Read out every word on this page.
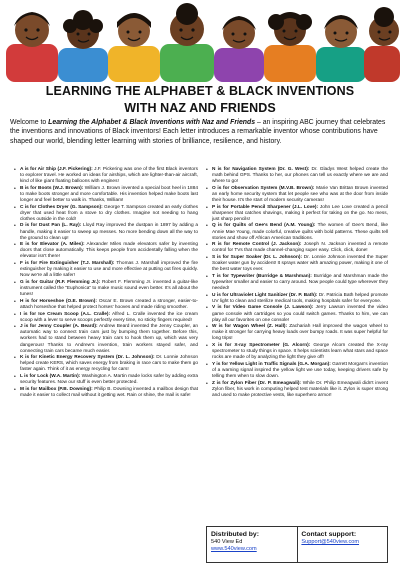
LEARNING THE ALPHABET & BLACK INVENTIONS
WITH NAZ AND FRIENDS

Welcome to Learning the Alphabet & Black Inventions with Naz and Friends – an inspiring ABC journey that celebrates the inventions and innovations of Black inventors! Each letter introduces a remarkable inventor whose contributions have shaped our world, blending letter learning with stories of brilliance, resilience, and history.

• A is for Air Ship (J.F. Pickering): J.F. Pickering was one of the first Black inventors to explorer travel. He worked on ideas for airships, which are lighter-than-air aircraft, kind of like giant floating balloons with engines!
• B is for Boots (W.J. Brown): William J. Brown invented a special boot heel in 1884 to make boots stronger and more comfortable. His invention helped make boots last longer and feel better to walk in. Thanks, William!
• C is for Clothes Dryer (G. Sampson): George T. Sampson created an early clothes dryer that used heat from a stove to dry clothes. Imagine not needing to hang clothes outside in the cold!
• D is for Dust Pan (L. Ray): Lloyd Ray improved the dustpan in 1897 by adding a handle, making it easier to sweep up messes. No more bending down all the way to the ground to clean up!
• E is for Elevator (A. Miles): Alexander Miles made elevators safer by inventing doors that close automatically. This keeps people from accidentally falling when the elevator isn't there!
• F is for Fire Extinguisher (T.J. Marshall): Thomas J. Marshall improved the fire extinguisher by making it easier to use and more effective at putting out fires quickly. Now we're all a little safer!
• G is for Guitar (R.F. Flemming Jr.): Robert F. Flemming Jr. invented a guitar-like instrument called the "Euphonica" to make music sound even better. It's all about the tunes!
• H is for Horseshoe (O.E. Brown): Oscar E. Brown created a stronger, easier-to-attach horseshoe that helped protect horses' hooves and made riding smoother.
• I is for Ice Cream Scoop (A.L. Cralle): Alfred L. Cralle invented the ice cream scoop with a lever to serve scoops perfectly every time, no sticky fingers required!
• J is for Jenny Coupler (A. Beard): Andrew Beard invented the Jenny Coupler, an automatic way to connect train cars just by bumping them together. Before this, workers had to stand between heavy train cars to hook them up, which was very dangerous! Thanks to Andrew's invention, train workers stayed safer, and connecting train cars became much easier.
• K is for Kinetic Energy Recovery System (Dr. L. Johnson): Dr. Lonnie Johnson helped create KERS, which saves energy from braking in race cars to make them go faster again. Think of it as energy recycling for cars!
• L is for Lock (W.A. Martin): Washington A. Martin made locks safer by adding extra security features. Now our stuff is even better protected.
• M is for Mailbox (P.B. Downing): Philip B. Downing invented a mailbox design that made it easier to collect mail without it getting wet. Rain or shine, the mail is safe!
• N is for Navigation System (Dr. G. West): Dr. Gladys West helped create the math behind GPS. Thanks to her, our phones can tell us exactly where we are and where to go!
• O is for Observation System (M.V.B. Brown): Marie Van Brittan Brown invented an early home security system that let people see who was at the door from inside their house. It's the start of modern security cameras!
• P is for Portable Pencil Sharpener (J.L. Love): John Lee Love created a pencil sharpener that catches shavings, making it perfect for taking on the go. No mess, just sharp pencils!
• Q is for Quilts of Gee's Bend (A.M. Young): The women of Gee's Bend, like Annie Mae Young, made colorful, creative quilts with bold patterns. These quilts tell stories and show off African American traditions.
• R is for Remote Control (J. Jackson): Joseph N. Jackson invented a remote control for TVs that made channel-changing super easy. Click, click, done!
• S is for Super Soaker (Dr. L. Johnson): Dr. Lonnie Johnson invented the Super Soaker water gun by accident! It sprays water with amazing power, making it one of the best water toys ever.
• T is for Typewriter (Burridge & Marshman): Burridge and Marshman made the typewriter smaller and easier to carry around. Now people could type wherever they needed!
• U is for Ultraviolet Light Sanitizer (Dr. P. Bath): Dr. Patricia Bath helped promote UV light to clean and sterilize medical tools, making hospitals safer for everyone.
• V is for Video Game Console (J. Lawson): Jerry Lawson invented the video game console with cartridges so you could switch games. Thanks to him, we can play all our favorites on one console!
• W is for Wagon Wheel (Z. Hall): Zachariah Hall improved the wagon wheel to make it stronger for carrying heavy loads over bumpy roads. It was super helpful for long trips!
• X is for X-ray Spectrometer (G. Alcorn): George Alcorn created the X-ray spectrometer to study things in space. It helps scientists learn what stars and space rocks are made of by analyzing the light they give off!
• Y is for Yellow Light in Traffic Signals (G.A. Morgan): Garrett Morgan's invention of a warning signal inspired the yellow light we use today, keeping drivers safe by telling them when to slow down.
• Z is for Zylon Fiber (Dr. P. Emeagwali): While Dr. Philip Emeagwali didn't invent Zylon fiber, his work in computing helped test materials like it. Zylon is super strong and used to make protective vests, like superhero armor!
Distributed by:
540 View Ed
www.540view.com
Contact support:
Support@540view.com
